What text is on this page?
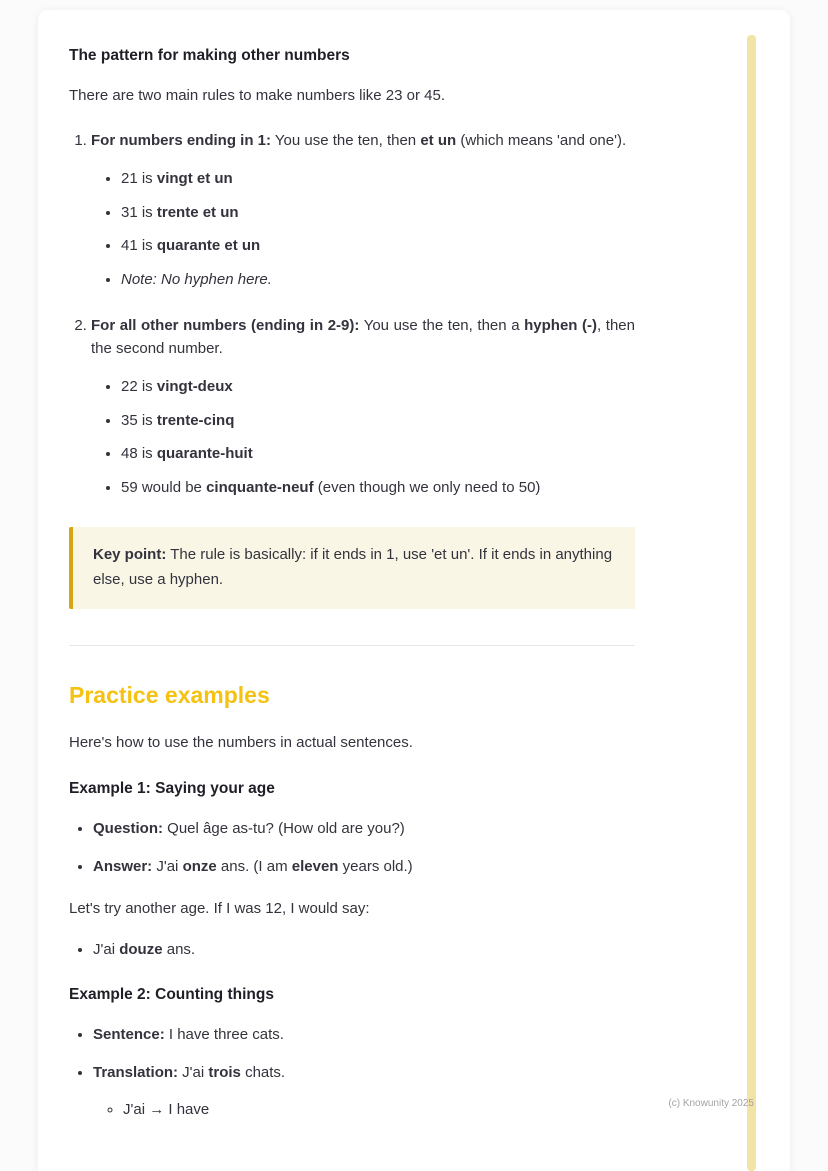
The pattern for making other numbers

There are two main rules to make numbers like 23 or 45.

1. For numbers ending in 1: You use the ten, then et un (which means 'and one').

• 21 is vingt et un
• 31 is trente et un
• 41 is quarante et un
• Note: No hyphen here.

2. For all other numbers (ending in 2-9): You use the ten, then a hyphen (-), then the second number.

• 22 is vingt-deux
• 35 is trente-cinq
• 48 is quarante-huit
• 59 would be cinquante-neuf (even though we only need to 50)

Key point: The rule is basically: if it ends in 1, use 'et un'. If it ends in anything else, use a hyphen.

Practice examples

Here's how to use the numbers in actual sentences.

Example 1: Saying your age

• Question: Quel âge as-tu? (How old are you?)
• Answer: J'ai onze ans. (I am eleven years old.)

Let's try another age. If I was 12, I would say:

• J'ai douze ans.

Example 2: Counting things

• Sentence: I have three cats.
• Translation: J'ai trois chats.
◦ J'ai → I have	(c) Knowunity 2025
